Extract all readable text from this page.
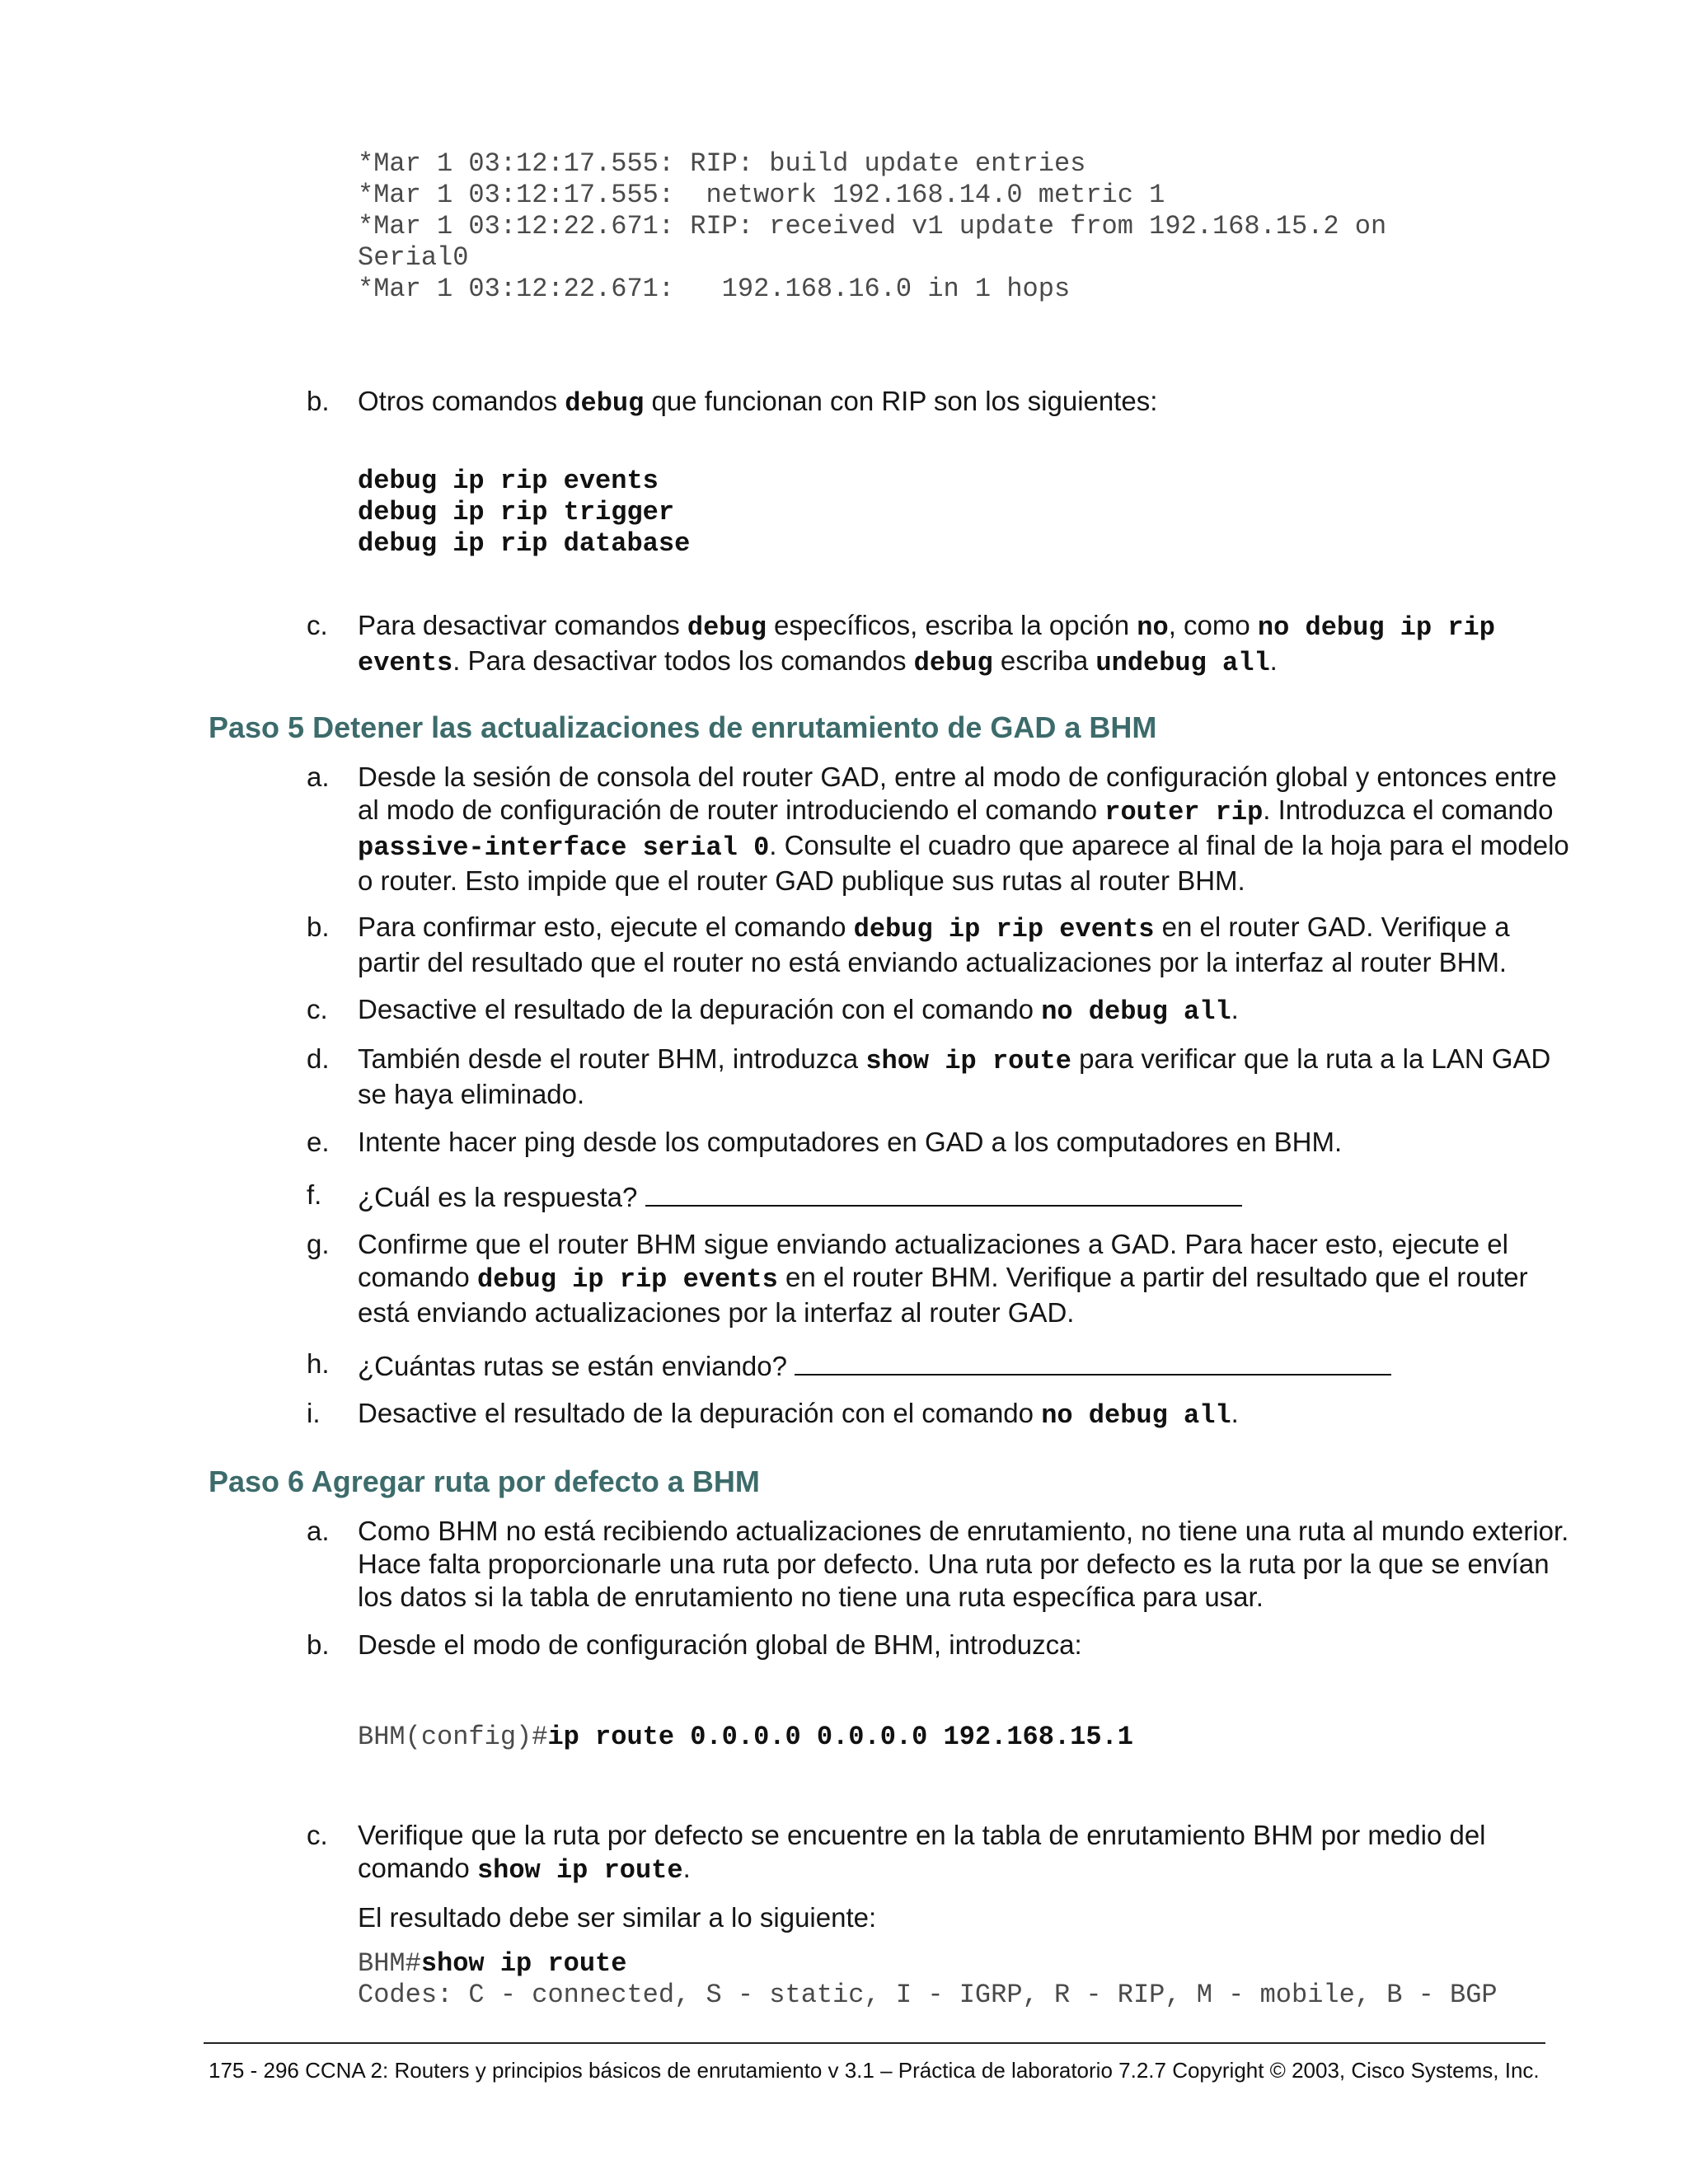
*Mar 1 03:12:17.555: RIP: build update entries
*Mar 1 03:12:17.555:  network 192.168.14.0 metric 1
*Mar 1 03:12:22.671: RIP: received v1 update from 192.168.15.2 on
Serial0
*Mar 1 03:12:22.671:   192.168.16.0 in 1 hops
b.	Otros comandos debug que funcionan con RIP son los siguientes:
debug ip rip events
debug ip rip trigger
debug ip rip database
c.	Para desactivar comandos debug específicos, escriba la opción no, como no debug ip rip events. Para desactivar todos los comandos debug escriba undebug all.
Paso 5 Detener las actualizaciones de enrutamiento de GAD a BHM
a.	Desde la sesión de consola del router GAD, entre al modo de configuración global y entonces entre al modo de configuración de router introduciendo el comando router rip. Introduzca el comando passive-interface serial 0. Consulte el cuadro que aparece al final de la hoja para el modelo o router. Esto impide que el router GAD publique sus rutas al router BHM.
b.	Para confirmar esto, ejecute el comando debug ip rip events en el router GAD. Verifique a partir del resultado que el router no está enviando actualizaciones por la interfaz al router BHM.
c.	Desactive el resultado de la depuración con el comando no debug all.
d.	También desde el router BHM, introduzca show ip route para verificar que la ruta a la LAN GAD se haya eliminado.
e.	Intente hacer ping desde los computadores en GAD a los computadores en BHM.
f.	¿Cuál es la respuesta?
g.	Confirme que el router BHM sigue enviando actualizaciones a GAD. Para hacer esto, ejecute el comando debug ip rip events en el router BHM. Verifique a partir del resultado que el router está enviando actualizaciones por la interfaz al router GAD.
h.	¿Cuántas rutas se están enviando?
i.	Desactive el resultado de la depuración con el comando no debug all.
Paso 6 Agregar ruta por defecto a BHM
a.	Como BHM no está recibiendo actualizaciones de enrutamiento, no tiene una ruta al mundo exterior. Hace falta proporcionarle una ruta por defecto. Una ruta por defecto es la ruta por la que se envían los datos si la tabla de enrutamiento no tiene una ruta específica para usar.
b.	Desde el modo de configuración global de BHM, introduzca:
BHM(config)#ip route 0.0.0.0 0.0.0.0 192.168.15.1
c.	Verifique que la ruta por defecto se encuentre en la tabla de enrutamiento BHM por medio del comando show ip route.
El resultado debe ser similar a lo siguiente:
BHM#show ip route
Codes: C - connected, S - static, I - IGRP, R - RIP, M - mobile, B - BGP
175 - 296 CCNA 2: Routers y principios básicos de enrutamiento v 3.1 – Práctica de laboratorio 7.2.7 Copyright © 2003, Cisco Systems, Inc.
